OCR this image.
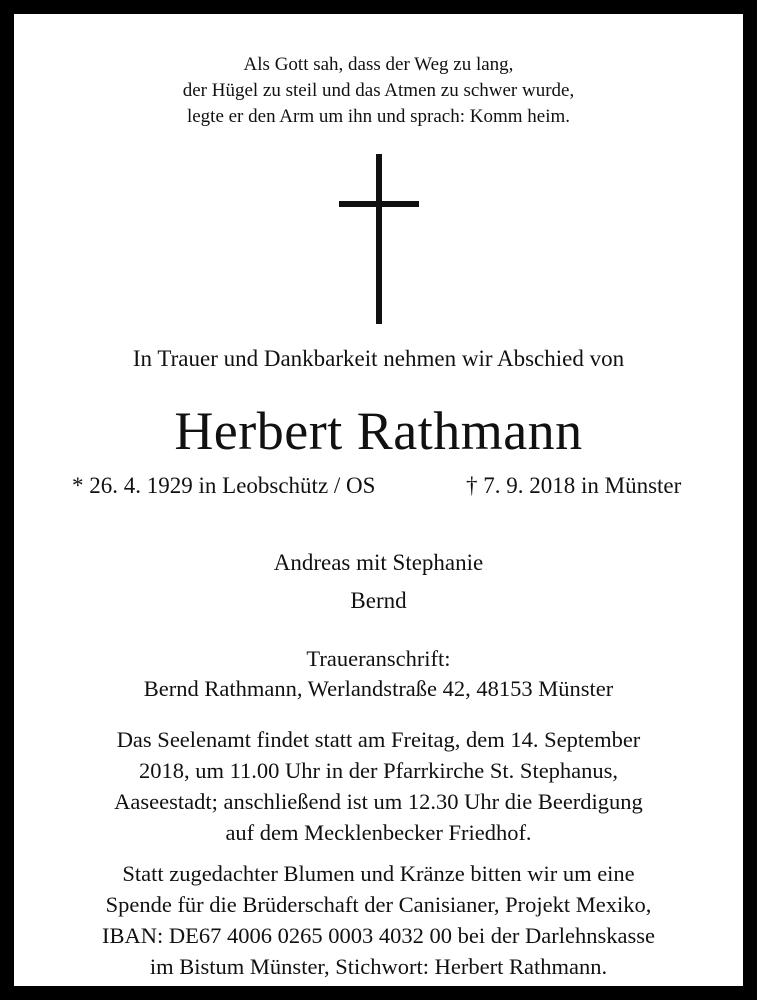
Als Gott sah, dass der Weg zu lang,
der Hügel zu steil und das Atmen zu schwer wurde,
legte er den Arm um ihn und sprach: Komm heim.
In Trauer und Dankbarkeit nehmen wir Abschied von
Herbert Rathmann
* 26. 4. 1929 in Leobschütz / OS	† 7. 9. 2018 in Münster
Andreas mit Stephanie
Bernd
Traueranschrift:
Bernd Rathmann, Werlandstraße 42, 48153 Münster
Das Seelenamt findet statt am Freitag, dem 14. September
2018, um 11.00 Uhr in der Pfarrkirche St. Stephanus,
Aaseestadt; anschließend ist um 12.30 Uhr die Beerdigung
auf dem Mecklenbecker Friedhof.
Statt zugedachter Blumen und Kränze bitten wir um eine
Spende für die Brüderschaft der Canisianer, Projekt Mexiko,
IBAN: DE67 4006 0265 0003 4032 00 bei der Darlehnskasse
im Bistum Münster, Stichwort: Herbert Rathmann.
